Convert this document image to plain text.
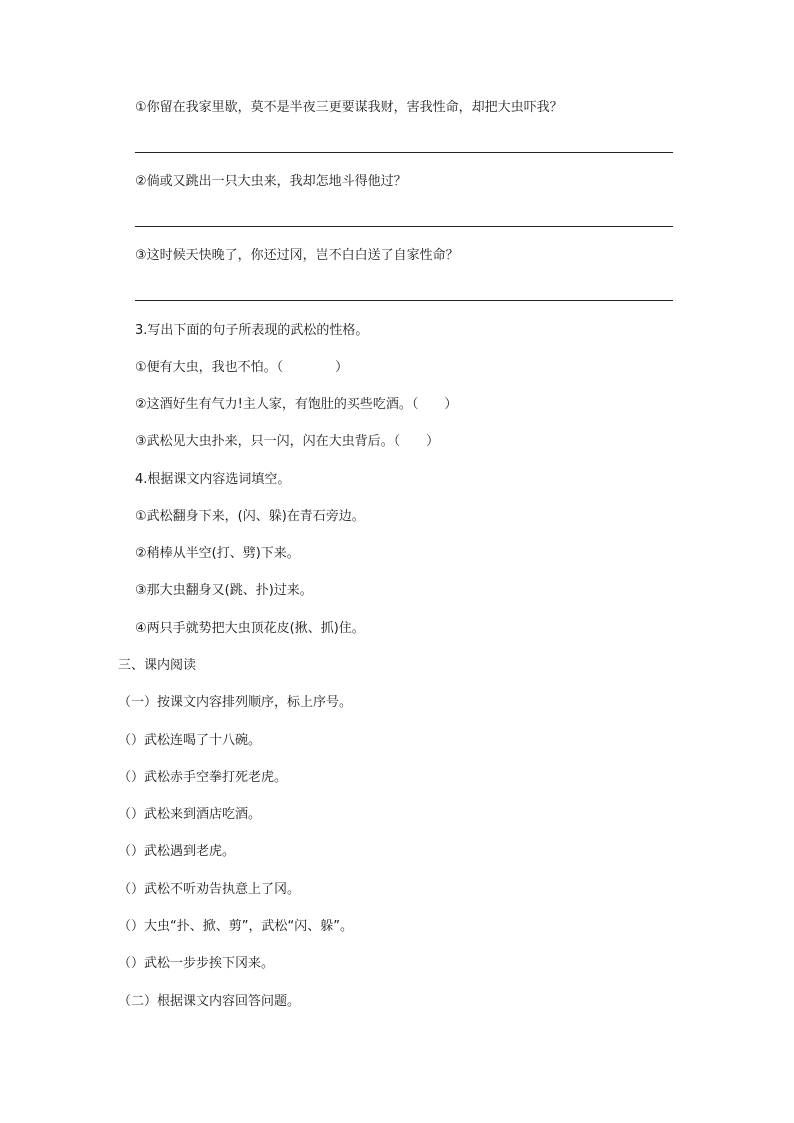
①你留在我家里歇，莫不是半夜三更要谋我财，害我性命，却把大虫吓我？
②倘或又跳出一只大虫来，我却怎地斗得他过？
③这时候天快晚了，你还过冈，岂不白白送了自家性命？
3.写出下面的句子所表现的武松的性格。
①便有大虫，我也不怕。（　　　　）
②这酒好生有气力!主人家，有饱肚的买些吃酒。（　　）
③武松见大虫扑来，只一闪，闪在大虫背后。（　　）
4.根据课文内容选词填空。
①武松翻身下来，(闪、躲)在青石旁边。
②稍棒从半空(打、劈)下来。
③那大虫翻身又(跳、扑)过来。
④两只手就势把大虫顶花皮(揪、抓)住。
三、课内阅读
（一）按课文内容排列顺序，标上序号。
（）武松连喝了十八碗。
（）武松赤手空拳打死老虎。
（）武松来到酒店吃酒。
（）武松遇到老虎。
（）武松不听劝告执意上了冈。
（）大虫“扑、掀、剪”，武松“闪、躲”。
（）武松一步步挨下冈来。
（二）根据课文内容回答问题。
